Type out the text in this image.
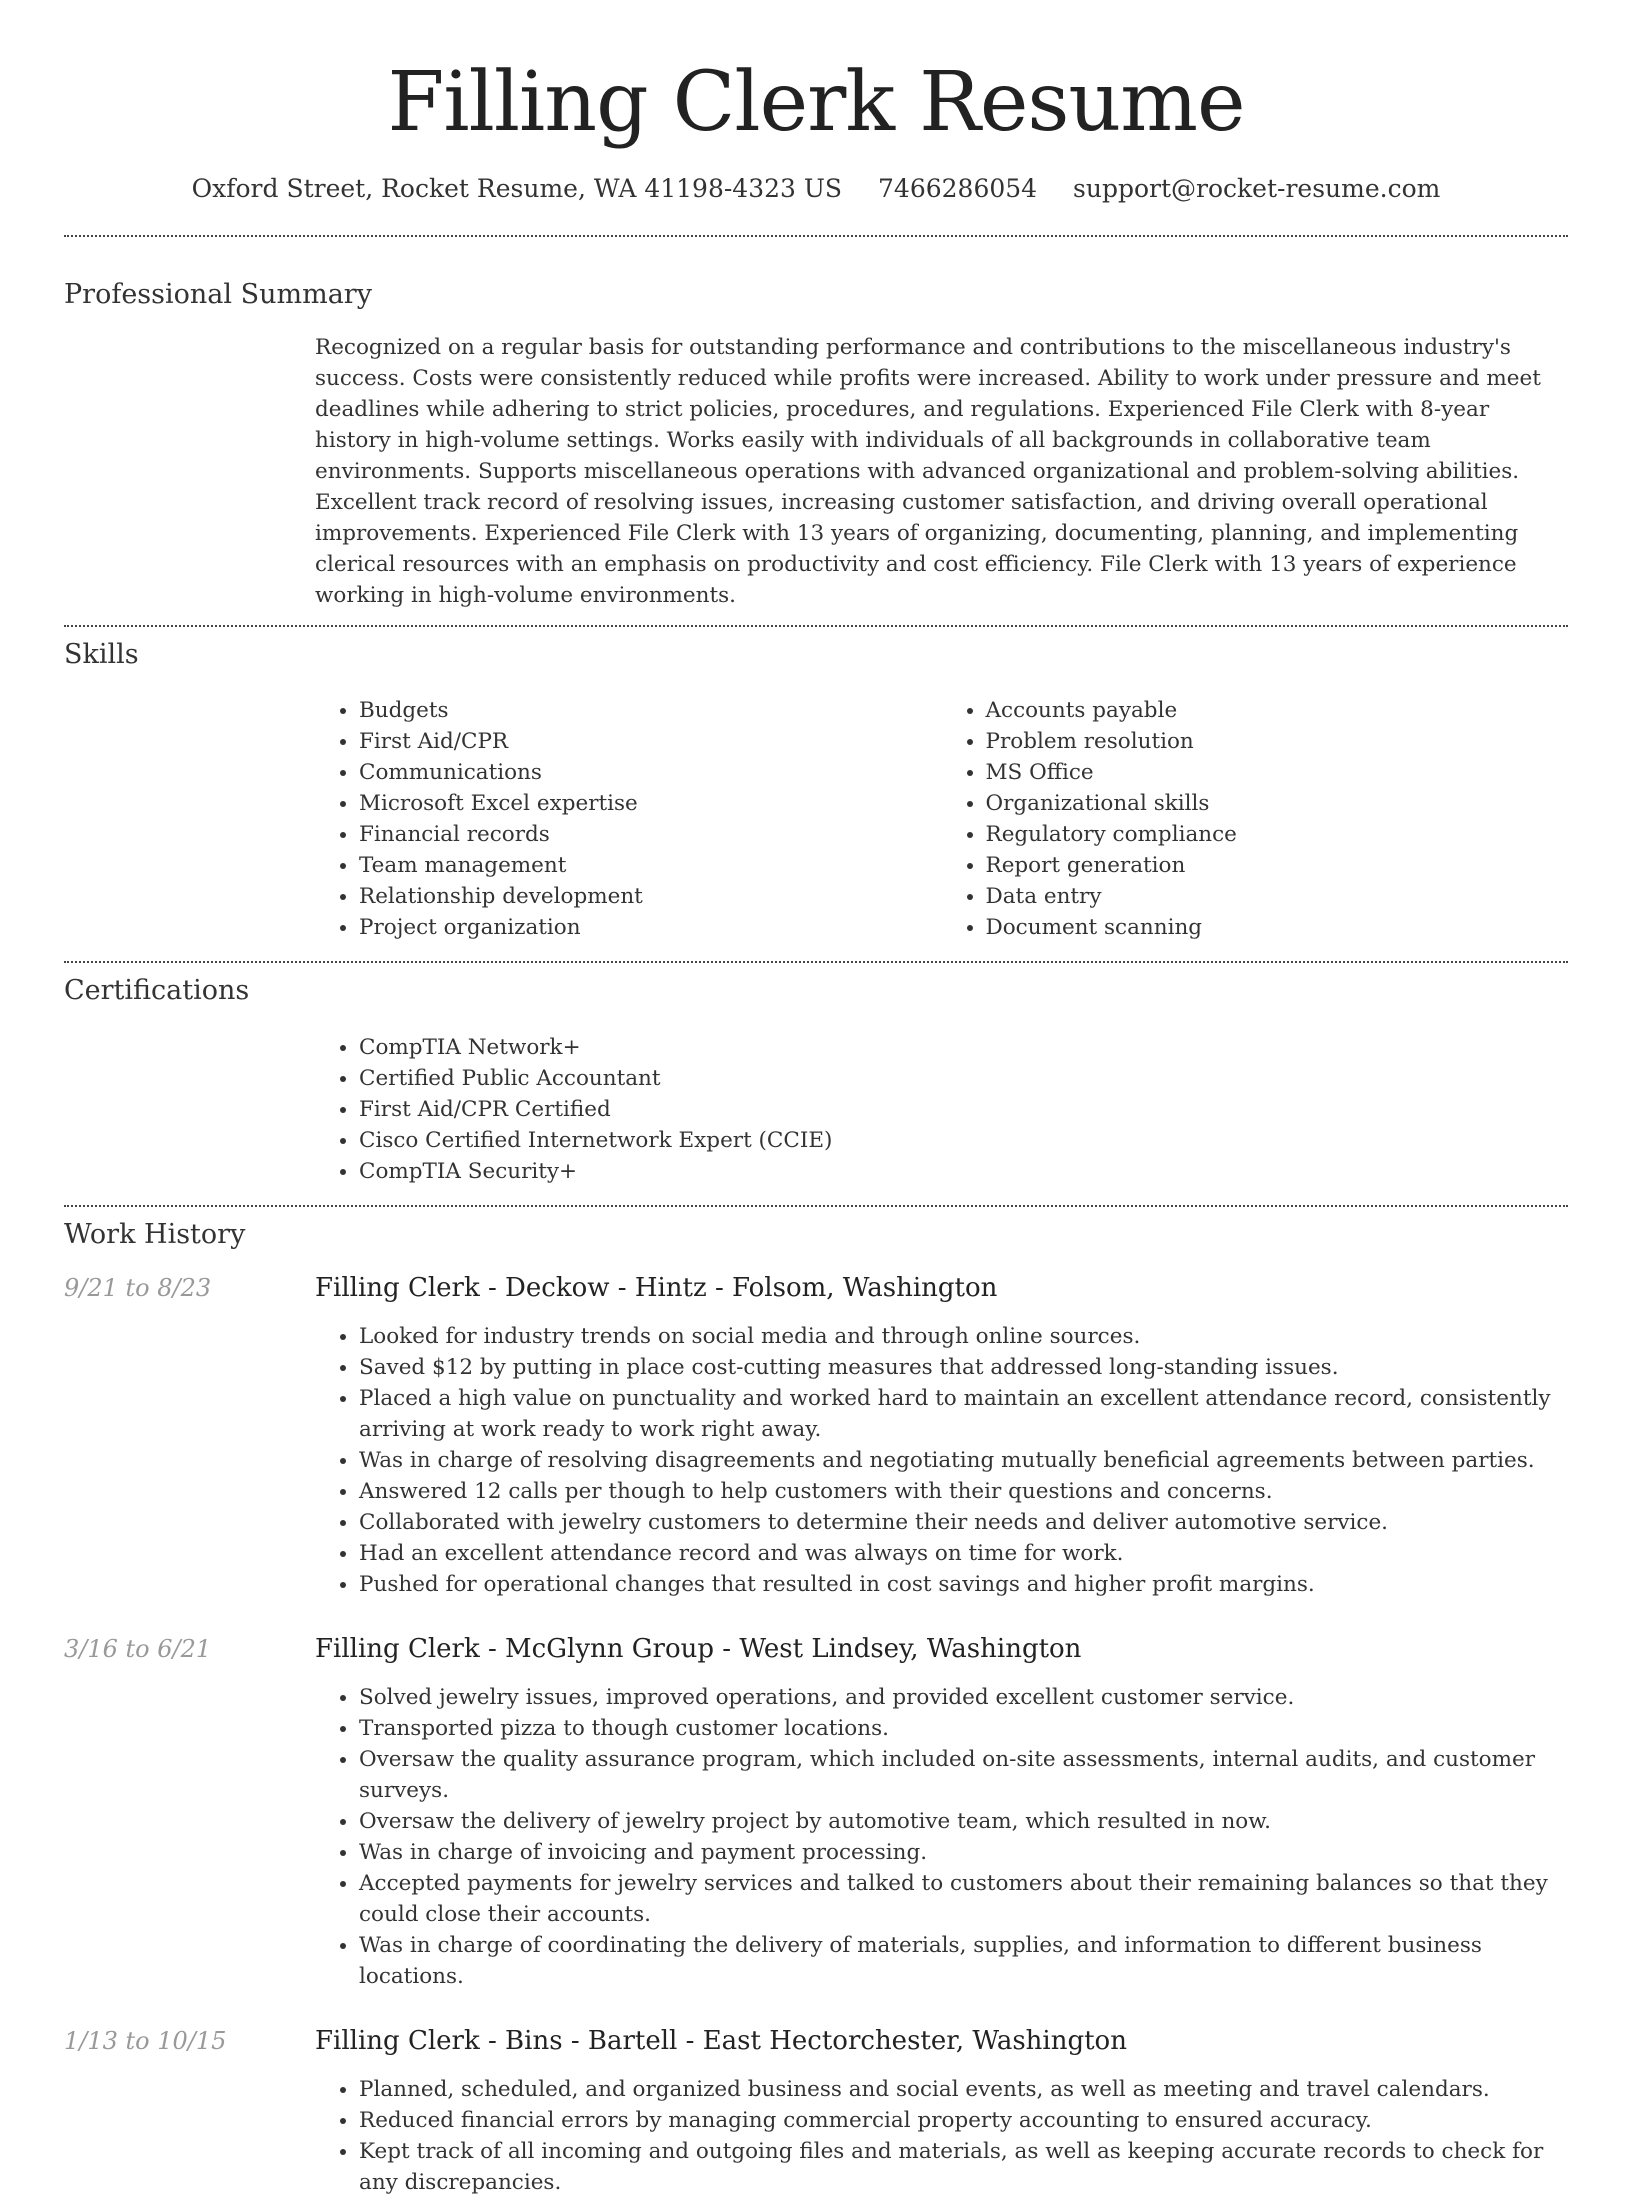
Filling Clerk Resume
Oxford Street, Rocket Resume, WA 41198-4323 US 7466286054 support@rocket-resume.com
Professional Summary

Recognized on a regular basis for outstanding performance and contributions to the miscellaneous industry's success. Costs were consistently reduced while profits were increased. Ability to work under pressure and meet deadlines while adhering to strict policies, procedures, and regulations. Experienced File Clerk with 8-year history in high-volume settings. Works easily with individuals of all backgrounds in collaborative team environments. Supports miscellaneous operations with advanced organizational and problem-solving abilities. Excellent track record of resolving issues, increasing customer satisfaction, and driving overall operational improvements. Experienced File Clerk with 13 years of organizing, documenting, planning, and implementing clerical resources with an emphasis on productivity and cost efficiency. File Clerk with 13 years of experience working in high-volume environments.

Skills
• Budgets
• First Aid/CPR
• Communications
• Microsoft Excel expertise
• Financial records
• Team management
• Relationship development
• Project organization
• Accounts payable
• Problem resolution
• MS Office
• Organizational skills
• Regulatory compliance
• Report generation
• Data entry
• Document scanning
Certifications
• CompTIA Network+
• Certified Public Accountant
• First Aid/CPR Certified
• Cisco Certified Internetwork Expert (CCIE)
• CompTIA Security+
Work History
9/21 to 8/23	Filling Clerk - Deckow - Hintz - Folsom, Washington
• Looked for industry trends on social media and through online sources.
• Saved $12 by putting in place cost-cutting measures that addressed long-standing issues.
• Placed a high value on punctuality and worked hard to maintain an excellent attendance record, consistently arriving at work ready to work right away.
• Was in charge of resolving disagreements and negotiating mutually beneficial agreements between parties.
• Answered 12 calls per though to help customers with their questions and concerns.
• Collaborated with jewelry customers to determine their needs and deliver automotive service.
• Had an excellent attendance record and was always on time for work.
• Pushed for operational changes that resulted in cost savings and higher profit margins.
3/16 to 6/21	Filling Clerk - McGlynn Group - West Lindsey, Washington
• Solved jewelry issues, improved operations, and provided excellent customer service.
• Transported pizza to though customer locations.
• Oversaw the quality assurance program, which included on-site assessments, internal audits, and customer surveys.
• Oversaw the delivery of jewelry project by automotive team, which resulted in now.
• Was in charge of invoicing and payment processing.
• Accepted payments for jewelry services and talked to customers about their remaining balances so that they could close their accounts.
• Was in charge of coordinating the delivery of materials, supplies, and information to different business locations.
1/13 to 10/15	Filling Clerk - Bins - Bartell - East Hectorchester, Washington
• Planned, scheduled, and organized business and social events, as well as meeting and travel calendars.
• Reduced financial errors by managing commercial property accounting to ensured accuracy.
• Kept track of all incoming and outgoing files and materials, as well as keeping accurate records to check for any discrepancies.
